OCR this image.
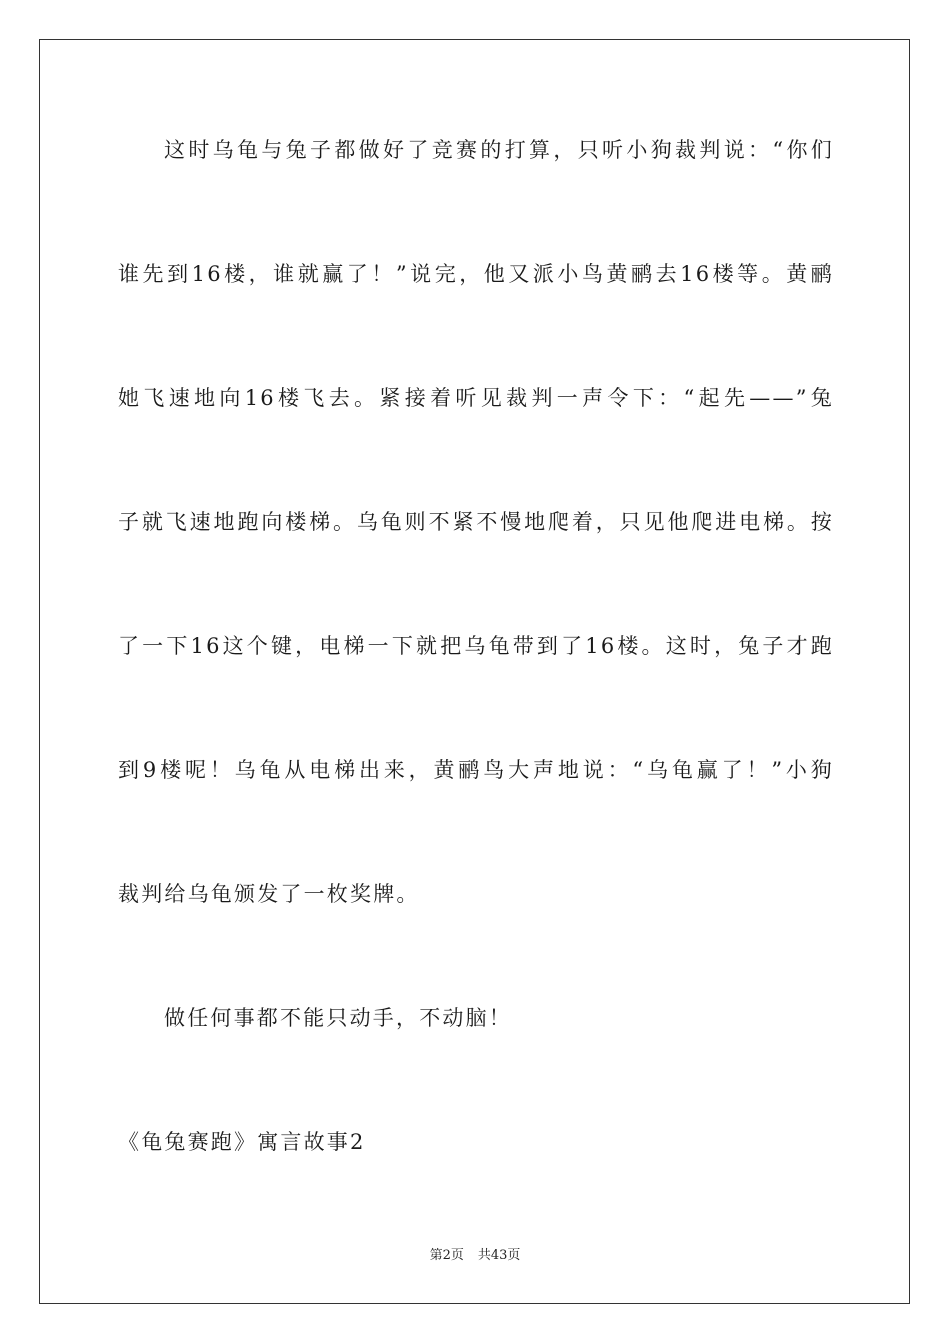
这时乌龟与兔子都做好了竞赛的打算，只听小狗裁判说：“你们
谁先到16楼，谁就赢了！”说完，他又派小鸟黄鹂去16楼等。黄鹂
她飞速地向16楼飞去。紧接着听见裁判一声令下：“起先——”兔
子就飞速地跑向楼梯。乌龟则不紧不慢地爬着，只见他爬进电梯。按
了一下16这个键，电梯一下就把乌龟带到了16楼。这时，兔子才跑
到9楼呢！乌龟从电梯出来，黄鹂鸟大声地说：“乌龟赢了！”小狗
裁判给乌龟颁发了一枚奖牌。
做任何事都不能只动手，不动脑！
《龟兔赛跑》寓言故事2
第2页 共43页
